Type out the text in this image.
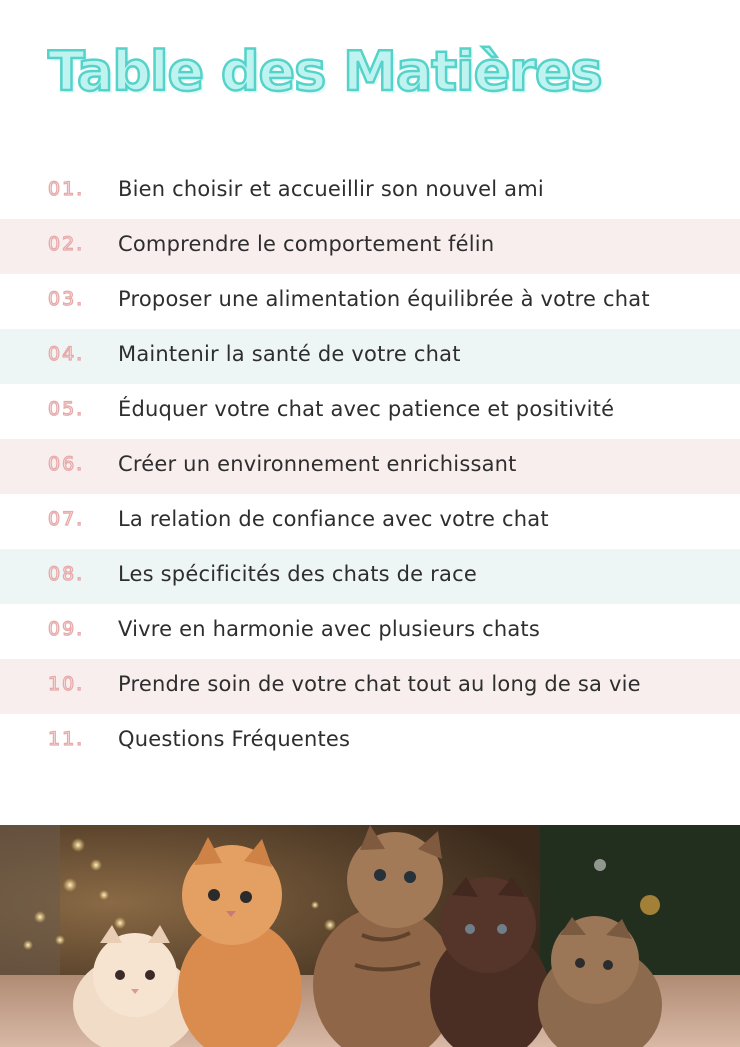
Table des Matières
01. Bien choisir et accueillir son nouvel ami
02. Comprendre le comportement félin
03. Proposer une alimentation équilibrée à votre chat
04. Maintenir la santé de votre chat
05. Éduquer votre chat avec patience et positivité
06. Créer un environnement enrichissant
07. La relation de confiance avec votre chat
08. Les spécificités des chats de race
09. Vivre en harmonie avec plusieurs chats
10. Prendre soin de votre chat tout au long de sa vie
11. Questions Fréquentes
